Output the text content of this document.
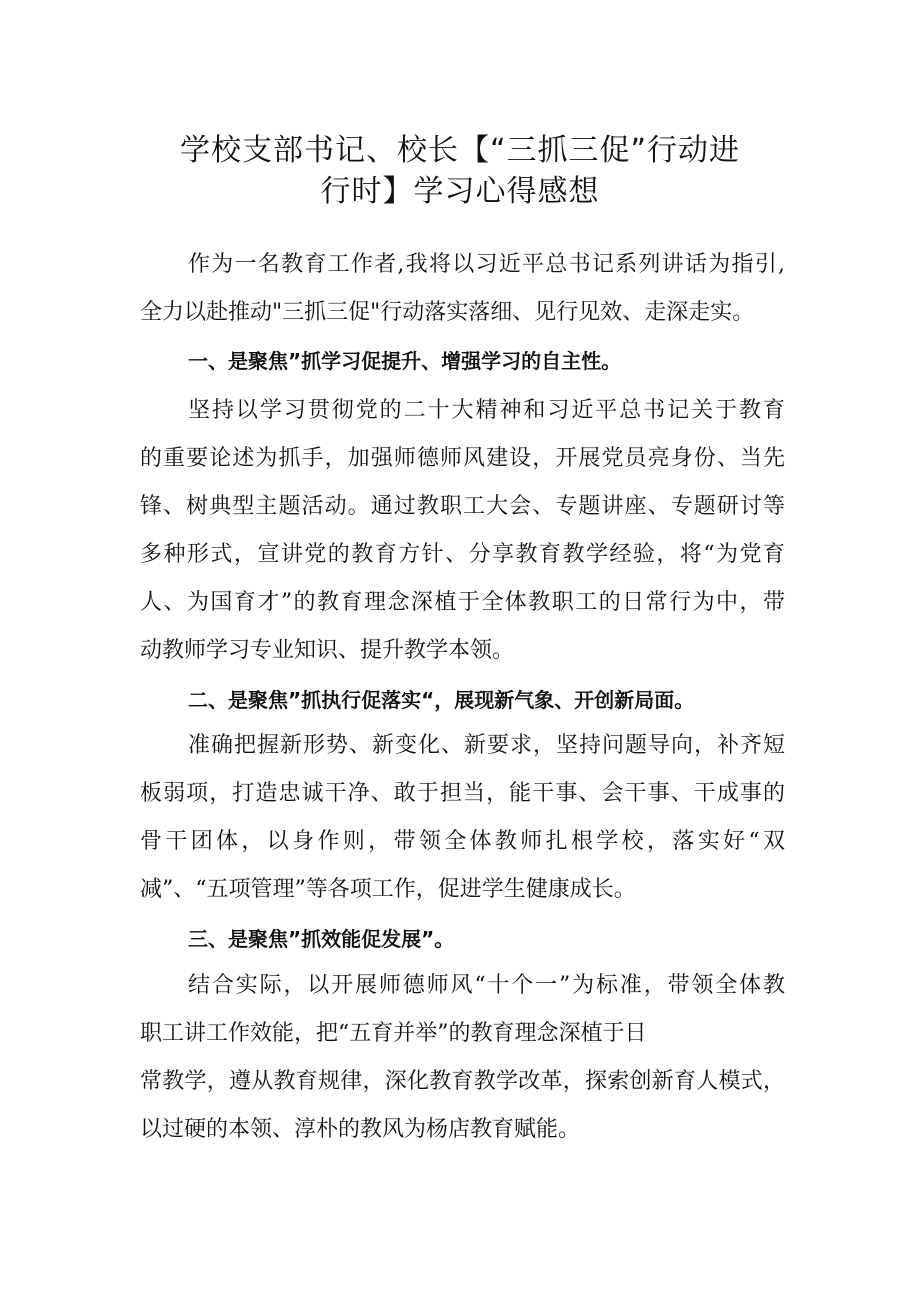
学校支部书记、校长【“三抓三促”行动进
行时】学习心得感想
作为一名教育工作者,我将以习近平总书记系列讲话为指引,
全力以赴推动"三抓三促"行动落实落细、见行见效、走深走实。
一、是聚焦”抓学习促提升、增强学习的自主性。
坚持以学习贯彻党的二十大精神和习近平总书记关于教育
的重要论述为抓手，加强师德师风建设，开展党员亮身份、当先
锋、树典型主题活动。通过教职工大会、专题讲座、专题研讨等
多种形式，宣讲党的教育方针、分享教育教学经验，将“为党育
人、为国育才”的教育理念深植于全体教职工的日常行为中，带
动教师学习专业知识、提升教学本领。
二、是聚焦”抓执行促落实“，展现新气象、开创新局面。
准确把握新形势、新变化、新要求，坚持问题导向，补齐短
板弱项，打造忠诚干净、敢于担当，能干事、会干事、干成事的
骨干团体，以身作则，带领全体教师扎根学校，落实好“双
减”、“五项管理”等各项工作，促进学生健康成长。
三、是聚焦”抓效能促发展”。
结合实际，以开展师德师风“十个一”为标准，带领全体教
职工讲工作效能，把“五育并举”的教育理念深植于日
常教学，遵从教育规律，深化教育教学改革，探索创新育人模式，
以过硬的本领、淳朴的教风为杨店教育赋能。
